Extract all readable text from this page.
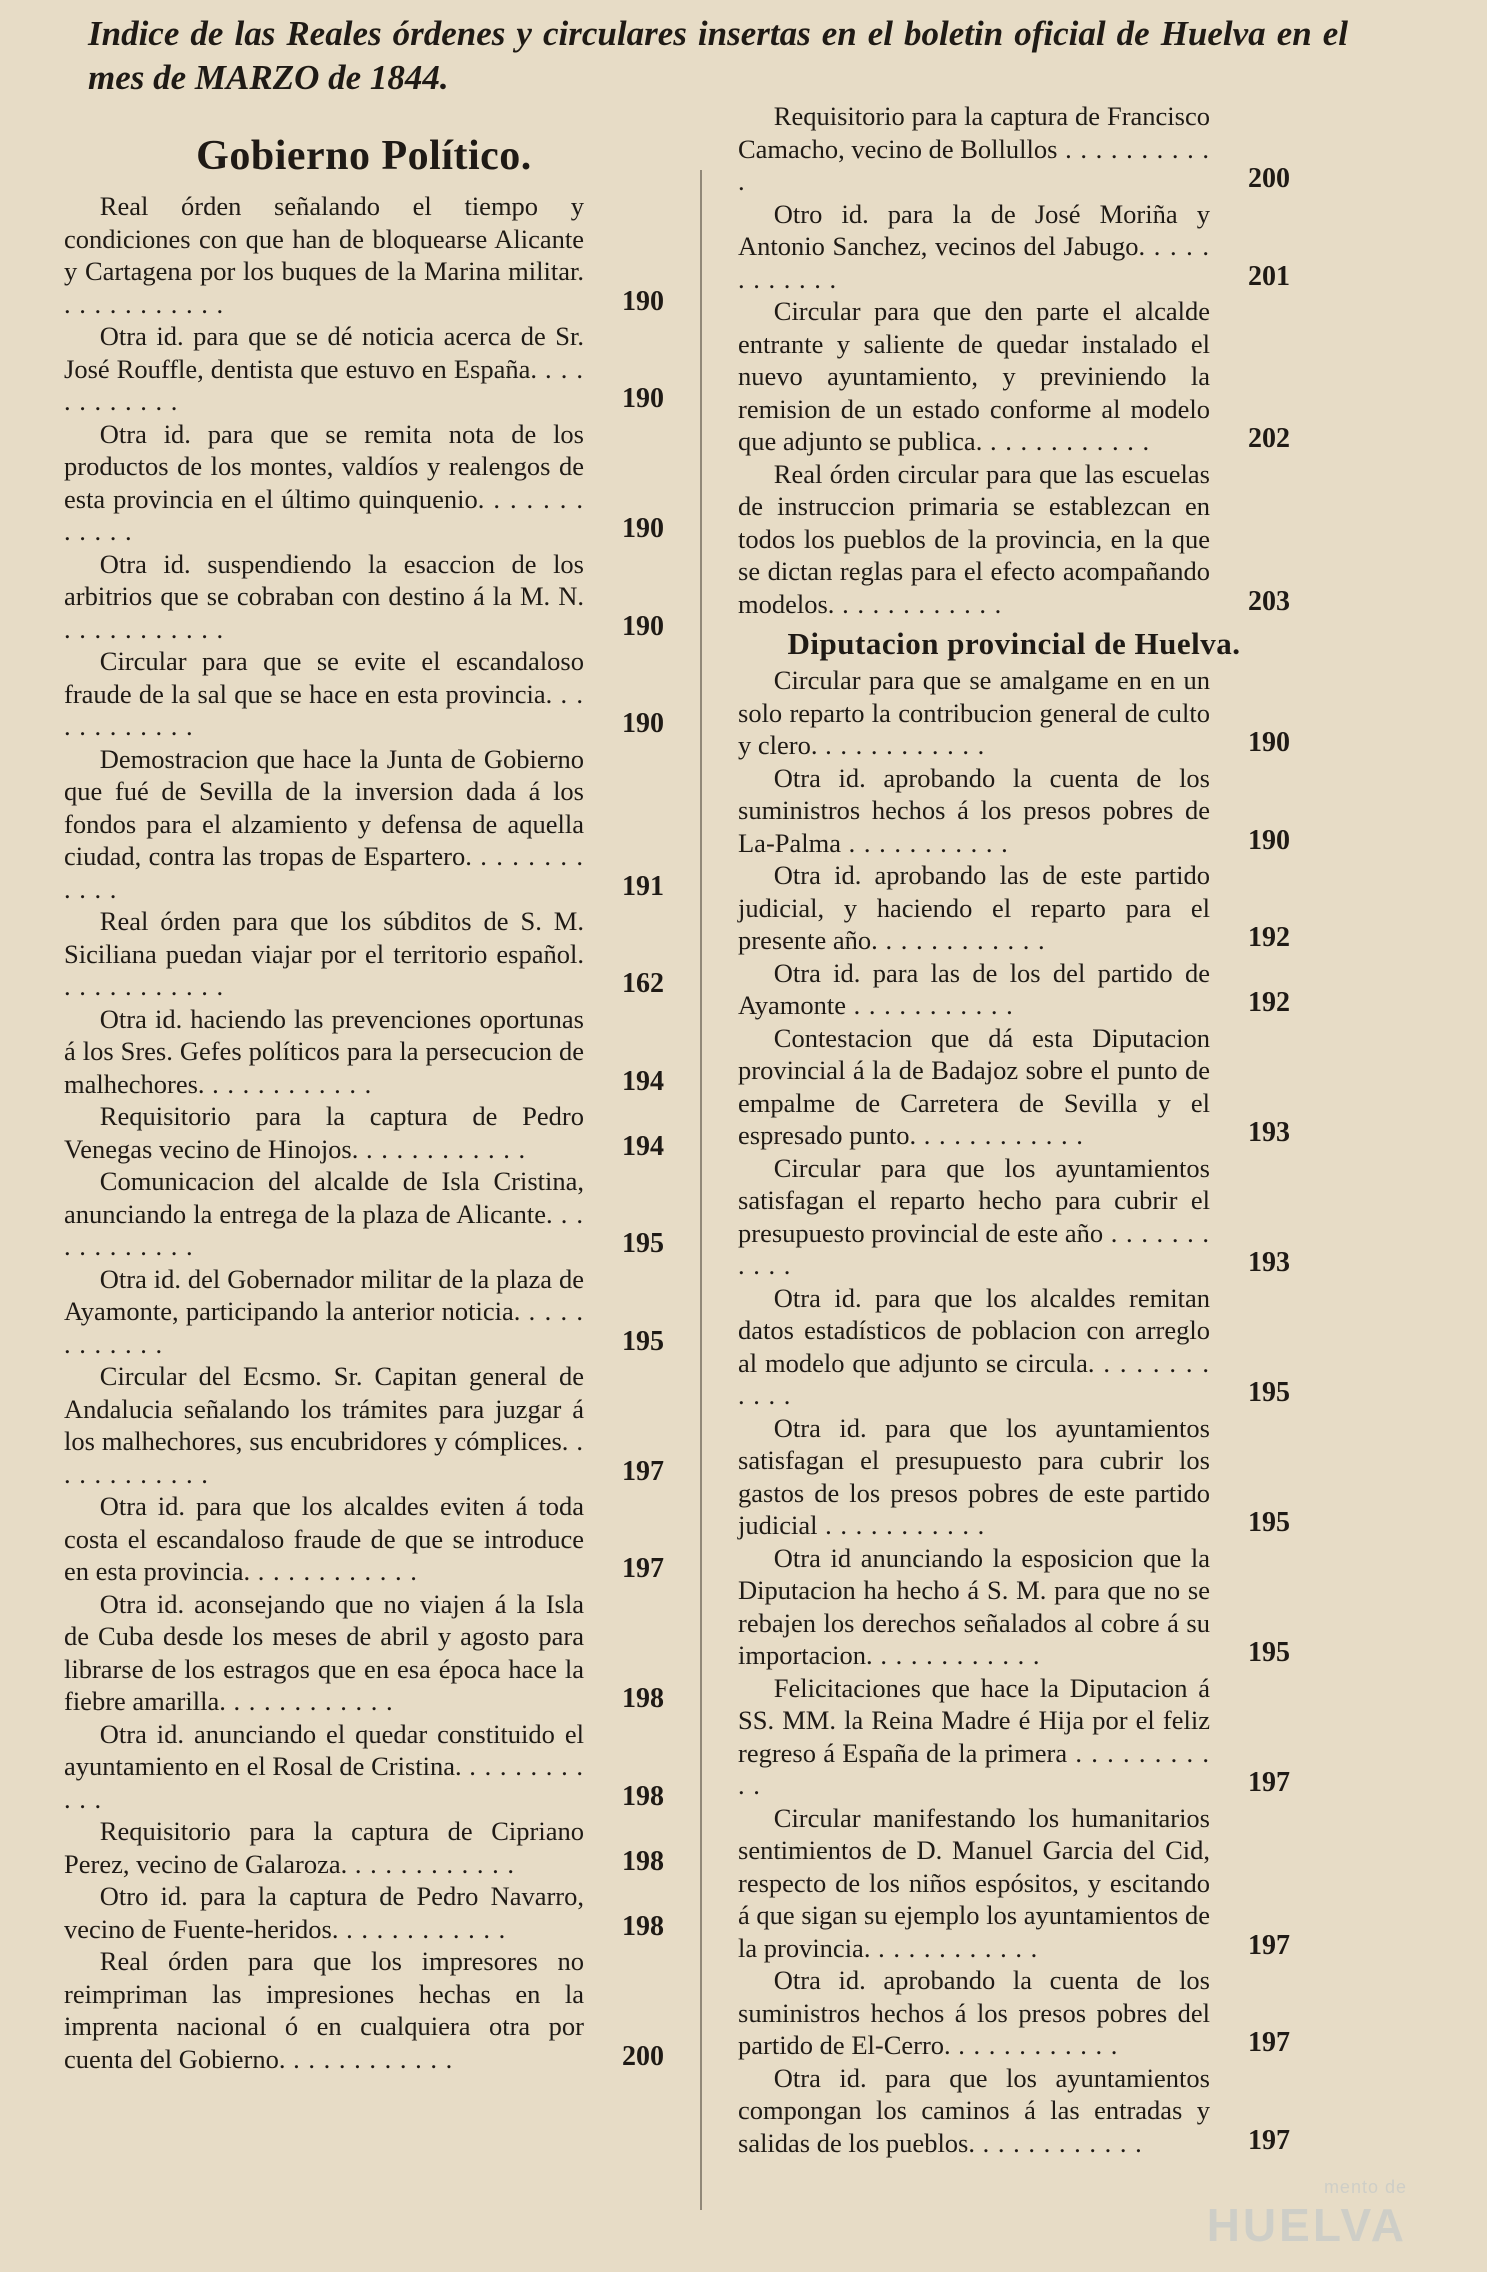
Indice de las Reales órdenes y circulares insertas en el boletin oficial de Huelva en el mes de MARZO de 1844.
Gobierno Político.
Real órden señalando el tiempo y condiciones con que han de bloquearse Alicante y Cartagena por los buques de la Marina militar. . . .
190
Otra id. para que se dé noticia acerca de Sr. José Rouffle, dentista que estuvo en España. . . .
190
Otra id. para que se remita nota de los productos de los montes, valdíos y realengos de esta provincia en el último quinquenio. . . .
190
Otra id. suspendiendo la esaccion de los arbitrios que se cobraban con destino á la M. N. . . .
190
Circular para que se evite el escandaloso fraude de la sal que se hace en esta provincia. . . .
190
Demostracion que hace la Junta de Gobierno que fué de Sevilla de la inversion dada á los fondos para el alzamiento y defensa de aquella ciudad, contra las tropas de Espartero. . . .
191
Real órden para que los súbditos de S. M. Siciliana puedan viajar por el territorio español. . . .
162
Otra id. haciendo las prevenciones oportunas á los Sres. Gefes políticos para la persecucion de malhechores. . . .	194
Requisitorio para la captura de Pedro Venegas vecino de Hinojos. . . .	194
Comunicacion del alcalde de Isla Cristina, anunciando la entrega de la plaza de Alicante. . . .
195
Otra id. del Gobernador militar de la plaza de Ayamonte, participando la anterior noticia. . . .
195
Circular del Ecsmo. Sr. Capitan general de Andalucia señalando los trámites para juzgar á los malhechores, sus encubridores y cómplices. . . .
197
Otra id. para que los alcaldes eviten á toda costa el escandaloso fraude de que se introduce en esta provincia. . . .	197
Otra id. aconsejando que no viajen á la Isla de Cuba desde los meses de abril y agosto para librarse de los estragos que en esa época hace la fiebre amarilla. . . .	198
Otra id. anunciando el quedar constituido el ayuntamiento en el Rosal de Cristina. . . .
198
Requisitorio para la captura de Cipriano Perez, vecino de Galaroza. . . .	198
Otro id. para la captura de Pedro Navarro, vecino de Fuente-heridos. . . .	198
Real órden para que los impresores no reimpriman las impresiones hechas en la imprenta nacional ó en cualquiera otra por cuenta del Gobierno. . . .	200
Requisitorio para la captura de Francisco Camacho, vecino de Bollullos . . .
200
Otro id. para la de José Moriña y Antonio Sanchez, vecinos del Jabugo. . . .
201
Circular para que den parte el alcalde entrante y saliente de quedar instalado el nuevo ayuntamiento, y previniendo la remision de un estado conforme al modelo que adjunto se publica. . . .	202
Real órden circular para que las escuelas de instruccion primaria se establezcan en todos los pueblos de la provincia, en la que se dictan reglas para el efecto acompañando modelos. . . .	203
Diputacion provincial de Huelva.
Circular para que se amalgame en en un solo reparto la contribucion general de culto y clero. . . .	190
Otra id. aprobando la cuenta de los suministros hechos á los presos pobres de La-Palma . . .	190
Otra id. aprobando las de este partido judicial, y haciendo el reparto para el presente año. . . .	192
Otra id. para las de los del partido de Ayamonte . . .	192
Contestacion que dá esta Diputacion provincial á la de Badajoz sobre el punto de empalme de Carretera de Sevilla y el espresado punto. . . .	193
Circular para que los ayuntamientos satisfagan el reparto hecho para cubrir el presupuesto provincial de este año . . .
193
Otra id. para que los alcaldes remitan datos estadísticos de poblacion con arreglo al modelo que adjunto se circula. . . .
195
Otra id. para que los ayuntamientos satisfagan el presupuesto para cubrir los gastos de los presos pobres de este partido judicial . . .	195
Otra id anunciando la esposicion que la Diputacion ha hecho á S. M. para que no se rebajen los derechos señalados al cobre á su importacion. . . .	195
Felicitaciones que hace la Diputacion á SS. MM. la Reina Madre é Hija por el feliz regreso á España de la primera . . .
197
Circular manifestando los humanitarios sentimientos de D. Manuel Garcia del Cid, respecto de los niños espósitos, y escitando á que sigan su ejemplo los ayuntamientos de la provincia. . . .	197
Otra id. aprobando la cuenta de los suministros hechos á los presos pobres del partido de El-Cerro. . . .	197
Otra id. para que los ayuntamientos compongan los caminos á las entradas y salidas de los pueblos. . . .	197
mento de
HUELVA
